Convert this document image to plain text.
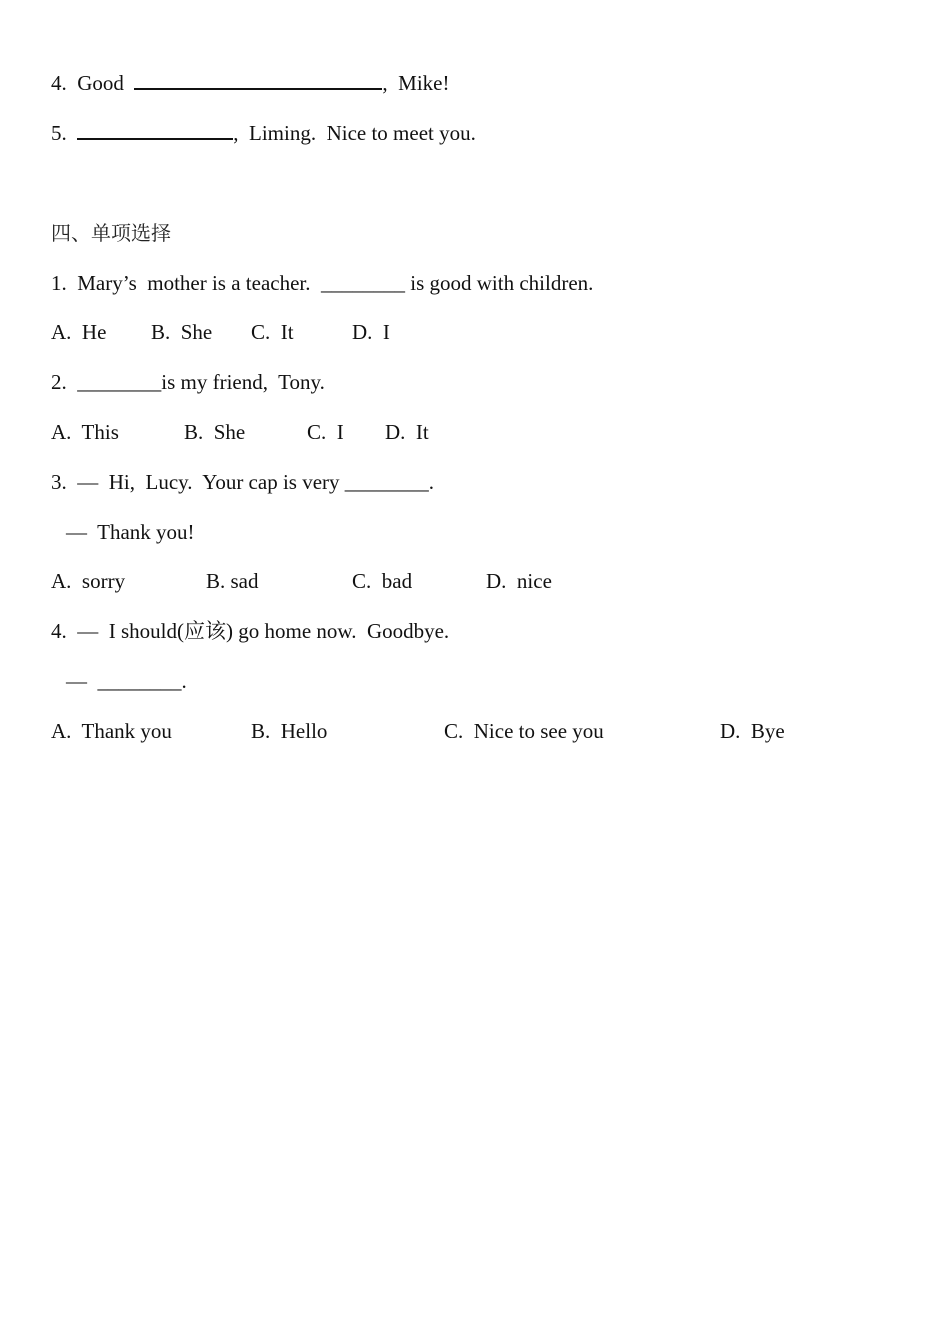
4. Good	,  Mike!
5.	,  Liming.  Nice to meet you.
四、单项选择
1.  Mary’s  mother is a teacher.  ________ is good with children.
A.  He B.  She C.  It	D.  I
2.  ________is my friend,  Tony.
A.  This	B.  She	C.  I D.  It
3.  —  Hi,  Lucy.  Your cap is very ________.
—  Thank you!
A.  sorry	B. sad	C.  bad	D.  nice
4.  —  I should(应该) go home now.  Goodbye.
—  ________.
A.  Thank you	B.  Hello	C.  Nice to see you	D.  Bye
